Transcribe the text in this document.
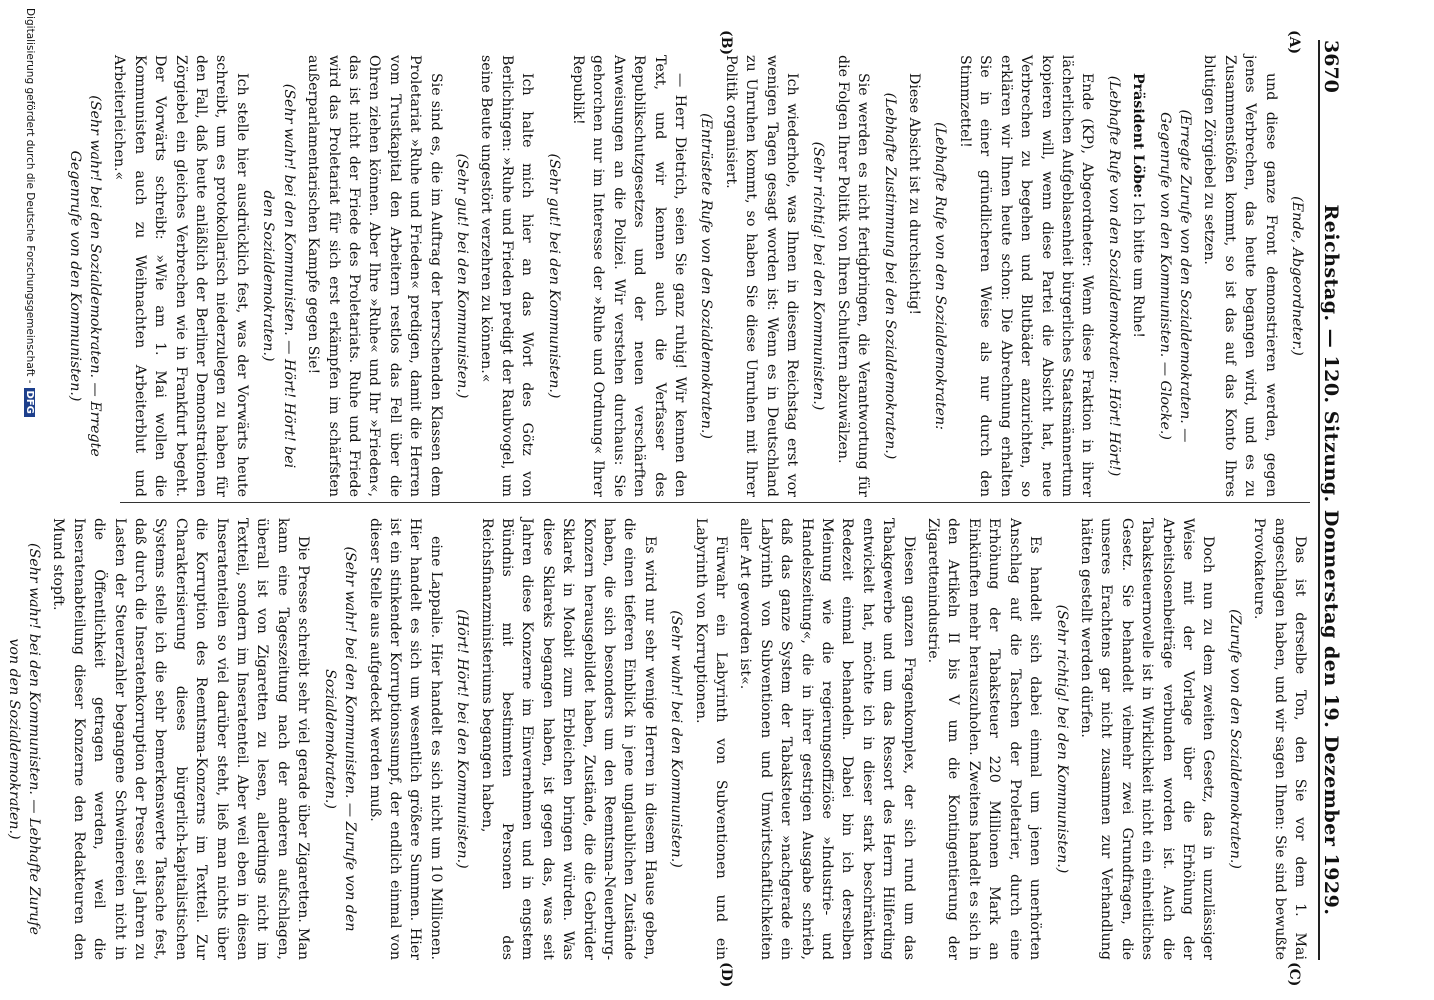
3670
Reichstag. — 120. Sitzung. Donnerstag den 19. Dezember 1929.
(A)
(B)
(C)
(D)

(Ende, Abgeordneter.)

und diese ganze Front demonstrieren werden, gegen jenes Verbrechen, das heute begangen wird, und es zu Zusammenstößen kommt, so ist das auf das Konto Ihres blutigen Zörgiebel zu setzen.

(Erregte Zurufe von den Sozialdemokraten. — Gegenrufe von den Kommunisten. — Glocke.)

Präsident Löbe: Ich bitte um Ruhe!

(Lebhafte Rufe von den Sozialdemokraten: Hört! Hört!)

Ende (KP), Abgeordneter: Wenn diese Fraktion in ihrer lächerlichen Aufgeblasenheit bürgerliches Staatsmännertum kopieren will, wenn diese Partei die Absicht hat, neue Verbrechen zu begehen und Blutbäder anzurichten, so erklären wir Ihnen heute schon: Die Abrechnung erhalten Sie in einer gründlicheren Weise als nur durch den Stimmzettel!

(Lebhafte Rufe von den Sozialdemokraten:

Diese Absicht ist zu durchsichtig!

(Lebhafte Zustimmung bei den Sozialdemokraten.)

Sie werden es nicht fertigbringen, die Verantwortung für die Folgen Ihrer Politik von Ihren Schultern abzuwälzen.

(Sehr richtig! bei den Kommunisten.)

Ich wiederhole, was Ihnen in diesem Reichstag erst vor wenigen Tagen gesagt worden ist: Wenn es in Deutschland zu Unruhen kommt, so haben Sie diese Unruhen mit Ihrer Politik organisiert.

(Entrüstete Rufe von den Sozialdemokraten.)

— Herr Dietrich, seien Sie ganz ruhig! Wir kennen den Text, und wir kennen auch die Verfasser des Republikschutzgesetzes und der neuen verschärften Anweisungen an die Polizei. Wir verstehen durchaus: Sie gehorchen nur im Interesse der »Ruhe und Ordnung« Ihrer Republik!

(Sehr gut! bei den Kommunisten.)

Ich halte mich hier an das Wort des Götz von Berlichingen: »Ruhe und Frieden predigt der Raubvogel, um seine Beute ungestört verzehren zu können.«

(Sehr gut! bei den Kommunisten.)

Sie sind es, die im Auftrag der herrschenden Klassen dem Proletariat »Ruhe und Frieden« predigen, damit die Herren vom Trustkapital den Arbeitern restlos das Fell über die Ohren ziehen können. Aber Ihre »Ruhe« und Ihr »Frieden«, das ist nicht der Friede des Proletariats. Ruhe und Friede wird das Proletariat für sich erst erkämpfen im schärfsten außerparlamentarischen Kampfe gegen Sie!

(Sehr wahr! bei den Kommunisten. — Hört! Hört! bei den Sozialdemokraten.)

Ich stelle hier ausdrücklich fest, was der Vorwärts heute schreibt, um es protokollarisch niederzulegen zu haben für den Fall, daß heute anläßlich der Berliner Demonstrationen Zörgiebel ein gleiches Verbrechen wie in Frankfurt begeht. Der Vorwärts schreibt: »Wie am 1. Mai wollen die Kommunisten auch zu Weihnachten Arbeiterblut und Arbeiterleichen.«

(Sehr wahr! bei den Sozialdemokraten. — Erregte Gegenrufe von den Kommunisten.)

Das ist derselbe Ton, den Sie vor dem 1. Mai angeschlagen haben, und wir sagen Ihnen: Sie sind bewußte Provokateure.

(Zurufe von den Sozialdemokraten.)

Doch nun zu dem zweiten Gesetz, das in unzulässiger Weise mit der Vorlage über die Erhöhung der Arbeitslosenbeiträge verbunden worden ist. Auch die Tabaksteuernovelle ist in Wirklichkeit nicht ein einheitliches Gesetz. Sie behandelt vielmehr zwei Grundfragen, die unseres Erachtens gar nicht zusammen zur Verhandlung hätten gestellt werden dürfen.

(Sehr richtig! bei den Kommunisten.)

Es handelt sich dabei einmal um jenen unerhörten Anschlag auf die Taschen der Proletarier, durch eine Erhöhung der Tabaksteuer 220 Millionen Mark an Einkünften mehr herauszuholen. Zweitens handelt es sich in den Artikeln II bis V um die Kontingentierung der Zigarettenindustrie.

Diesen ganzen Fragenkomplex, der sich rund um das Tabakgewerbe und um das Ressort des Herrn Hilferding entwickelt hat, möchte ich in dieser stark beschränkten Redezeit einmal behandeln. Dabei bin ich derselben Meinung wie die regierungsoffiziöse »Industrie- und Handelszeitung«, die in ihrer gestrigen Ausgabe schrieb, daß das ganze System der Tabaksteuer »nachgerade ein Labyrinth von Subventionen und Umwirtschaftlichkeiten aller Art geworden ist«.

Fürwahr ein Labyrinth von Subventionen und ein Labyrinth von Korruptionen.

(Sehr wahr! bei den Kommunisten.)

Es wird nur sehr wenige Herren in diesem Hause geben, die einen tieferen Einblick in jene unglaublichen Zustände haben, die sich besonders um den Reemtsma-Neuerburg-Konzern herausgebildet haben, Zustände, die die Gebrüder Sklarek in Moabit zum Erbleichen bringen würden. Was diese Sklareks begangen haben, ist gegen das, was seit Jahren diese Konzerne im Einvernehmen und in engstem Bündnis mit bestimmten Personen des Reichsfinanzministeriums begangen haben,

(Hört! Hört! bei den Kommunisten.)

eine Lappalie. Hier handelt es sich nicht um 10 Millionen. Hier handelt es sich um wesentlich größere Summen. Hier ist ein stinkender Korruptionssumpf, der endlich einmal von dieser Stelle aus aufgedeckt werden muß.

(Sehr wahr! bei den Kommunisten. — Zurufe von den Sozialdemokraten.)

Die Presse schreibt sehr viel gerade über Zigaretten. Man kann eine Tageszeitung nach der anderen aufschlagen, überall ist von Zigaretten zu lesen, allerdings nicht im Textteil, sondern im Inseratenteil. Aber weil eben in diesen Inseratenteilen so viel darüber steht, ließ man nichts über die Korruption des Reemtsma-Konzerns im Textteil. Zur Charakterisierung dieses bürgerlich-kapitalistischen Systems stelle ich die sehr bemerkenswerte Tatsache fest, daß durch die Inseratenkorruption der Presse seit Jahren zu Lasten der Steuerzahler begangene Schweinereien nicht in die Öffentlichkeit getragen werden, weil die Inseratenabteilung dieser Konzerne den Redakteuren den Mund stopft.

(Sehr wahr! bei den Kommunisten. — Lebhafte Zurufe von den Sozialdemokraten.)

Digitalisierung gefördert durch die Deutsche Forschungsgemeinschaft -DFG
